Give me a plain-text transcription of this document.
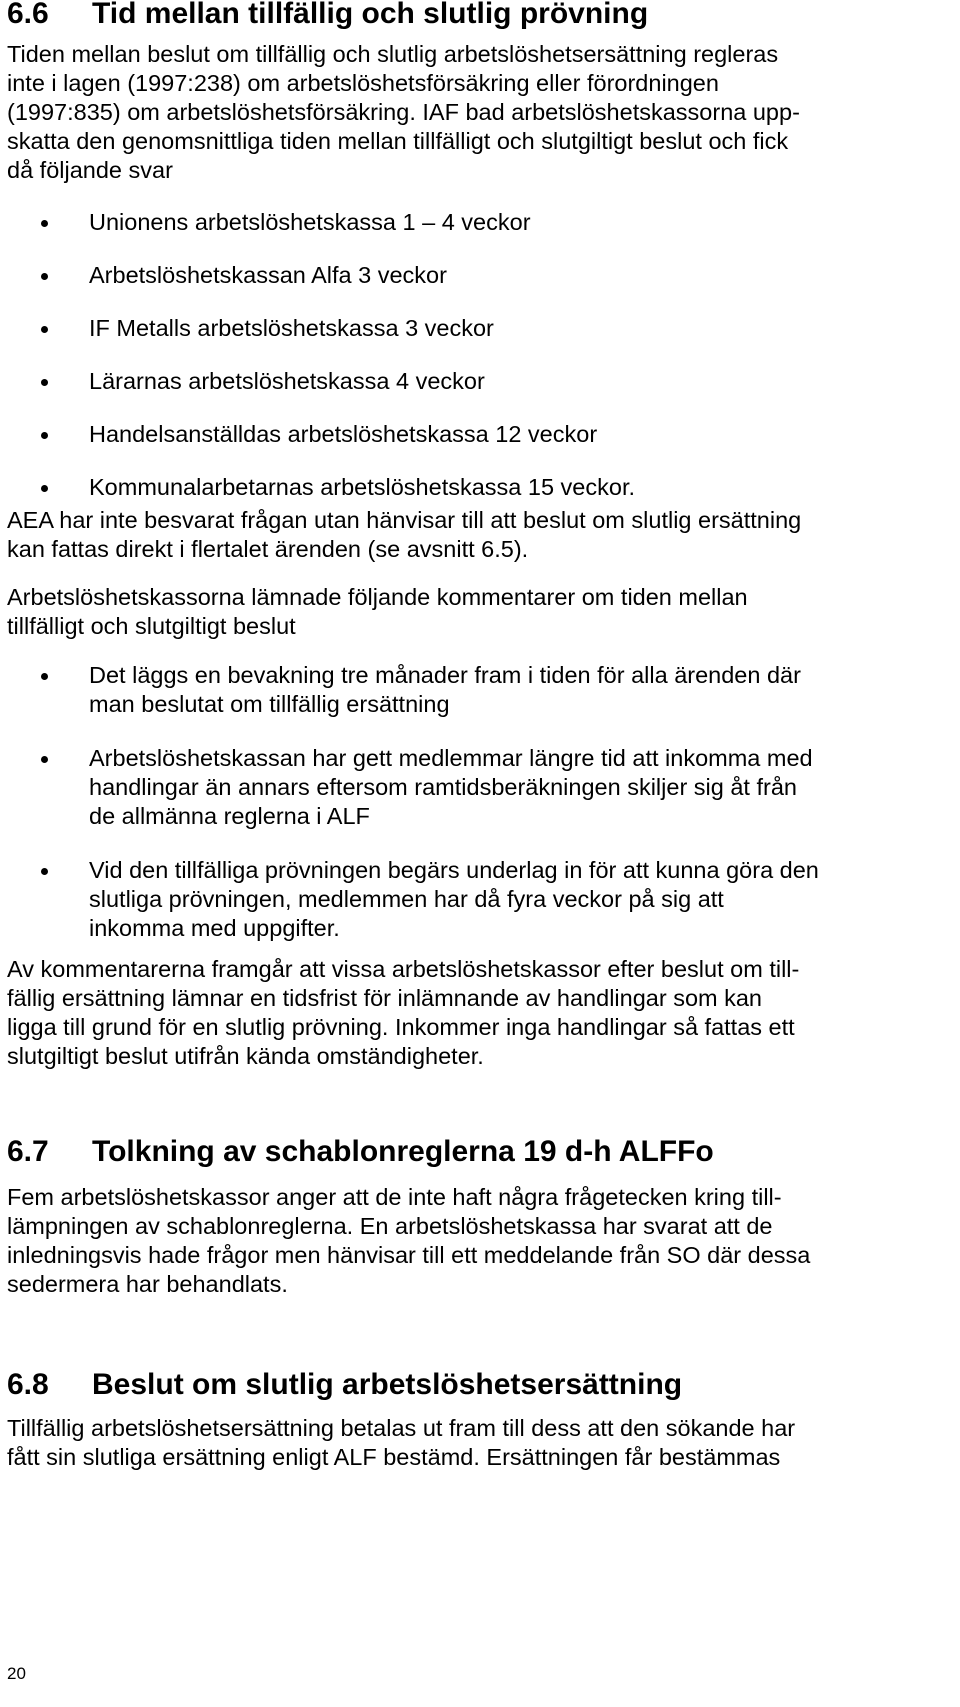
6.6	Tid mellan tillfällig och slutlig prövning

Tiden mellan beslut om tillfällig och slutlig arbetslöshetsersättning regleras

inte i lagen (1997:238) om arbetslöshetsförsäkring eller förordningen

(1997:835) om arbetslöshetsförsäkring. IAF bad arbetslöshetskassorna upp-

skatta den genomsnittliga tiden mellan tillfälligt och slutgiltigt beslut och fick

då följande svar

Unionens arbetslöshetskassa 1 – 4 veckor
Arbetslöshetskassan Alfa 3 veckor
IF Metalls arbetslöshetskassa 3 veckor
Lärarnas arbetslöshetskassa 4 veckor
Handelsanställdas arbetslöshetskassa 12 veckor
Kommunalarbetarnas arbetslöshetskassa 15 veckor.

AEA har inte besvarat frågan utan hänvisar till att beslut om slutlig ersättning

kan fattas direkt i flertalet ärenden (se avsnitt 6.5).

Arbetslöshetskassorna lämnade följande kommentarer om tiden mellan

tillfälligt och slutgiltigt beslut

Det läggs en bevakning tre månader fram i tiden för alla ärenden där
man beslutat om tillfällig ersättning
Arbetslöshetskassan har gett medlemmar längre tid att inkomma med
handlingar än annars eftersom ramtidsberäkningen skiljer sig åt från
de allmänna reglerna i ALF
Vid den tillfälliga prövningen begärs underlag in för att kunna göra den
slutliga prövningen, medlemmen har då fyra veckor på sig att
inkomma med uppgifter.

Av kommentarerna framgår att vissa arbetslöshetskassor efter beslut om till-

fällig ersättning lämnar en tidsfrist för inlämnande av handlingar som kan

ligga till grund för en slutlig prövning. Inkommer inga handlingar så fattas ett

slutgiltigt beslut utifrån kända omständigheter.

6.7	Tolkning av schablonreglerna 19 d-h ALFFo

Fem arbetslöshetskassor anger att de inte haft några frågetecken kring till-

lämpningen av schablonreglerna. En arbetslöshetskassa har svarat att de

inledningsvis hade frågor men hänvisar till ett meddelande från SO där dessa

sedermera har behandlats.

6.8	Beslut om slutlig arbetslöshetsersättning

Tillfällig arbetslöshetsersättning betalas ut fram till dess att den sökande har

fått sin slutliga ersättning enligt ALF bestämd. Ersättningen får bestämmas

20
